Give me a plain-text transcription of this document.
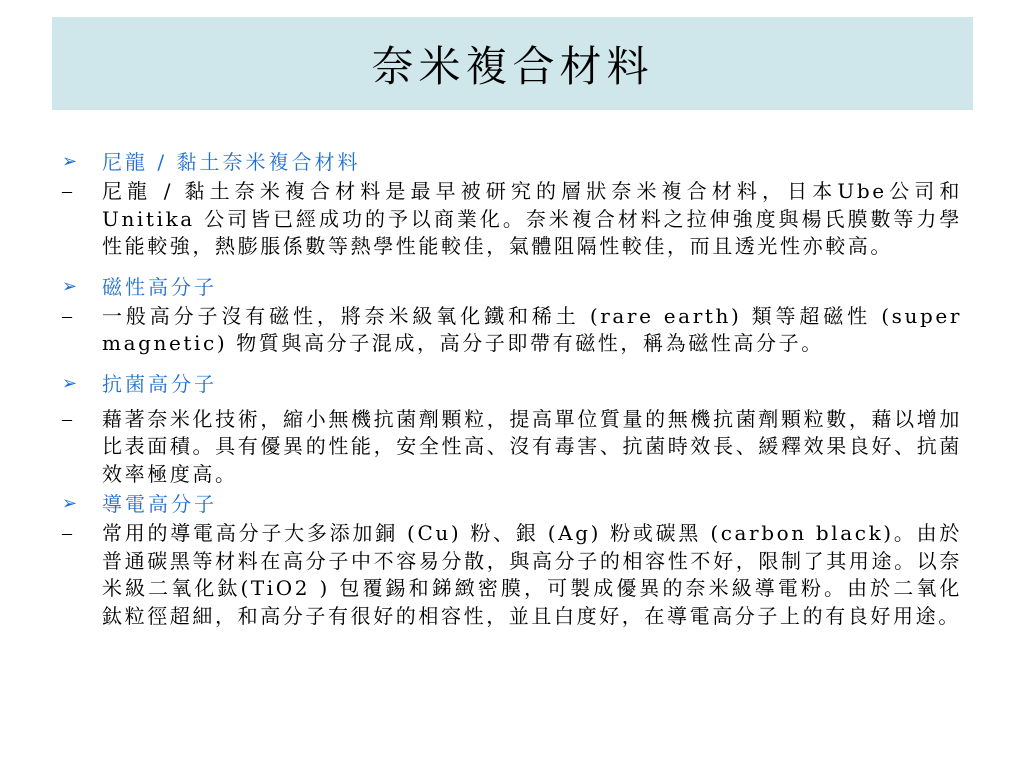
奈米複合材料
➢	尼龍 / 黏土奈米複合材料
–	尼龍 / 黏土奈米複合材料是最早被研究的層狀奈米複合材料，日本Ube公司和Unitika 公司皆已經成功的予以商業化。奈米複合材料之拉伸強度與楊氏膜數等力學性能較強，熱膨脹係數等熱學性能較佳，氣體阻隔性較佳，而且透光性亦較高。
➢	磁性高分子
–	一般高分子沒有磁性，將奈米級氧化鐵和稀土 (rare earth) 類等超磁性 (super magnetic) 物質與高分子混成，高分子即帶有磁性，稱為磁性高分子。
➢	抗菌高分子
–	藉著奈米化技術，縮小無機抗菌劑顆粒，提高單位質量的無機抗菌劑顆粒數，藉以增加比表面積。具有優異的性能，安全性高、沒有毒害、抗菌時效長、緩釋效果良好、抗菌效率極度高。
➢	導電高分子
–	常用的導電高分子大多添加銅 (Cu) 粉、銀 (Ag) 粉或碳黑 (carbon black)。由於普通碳黑等材料在高分子中不容易分散，與高分子的相容性不好，限制了其用途。以奈米級二氧化鈦(TiO2 ) 包覆錫和銻緻密膜，可製成優異的奈米級導電粉。由於二氧化鈦粒徑超細，和高分子有很好的相容性，並且白度好，在導電高分子上的有良好用途。
